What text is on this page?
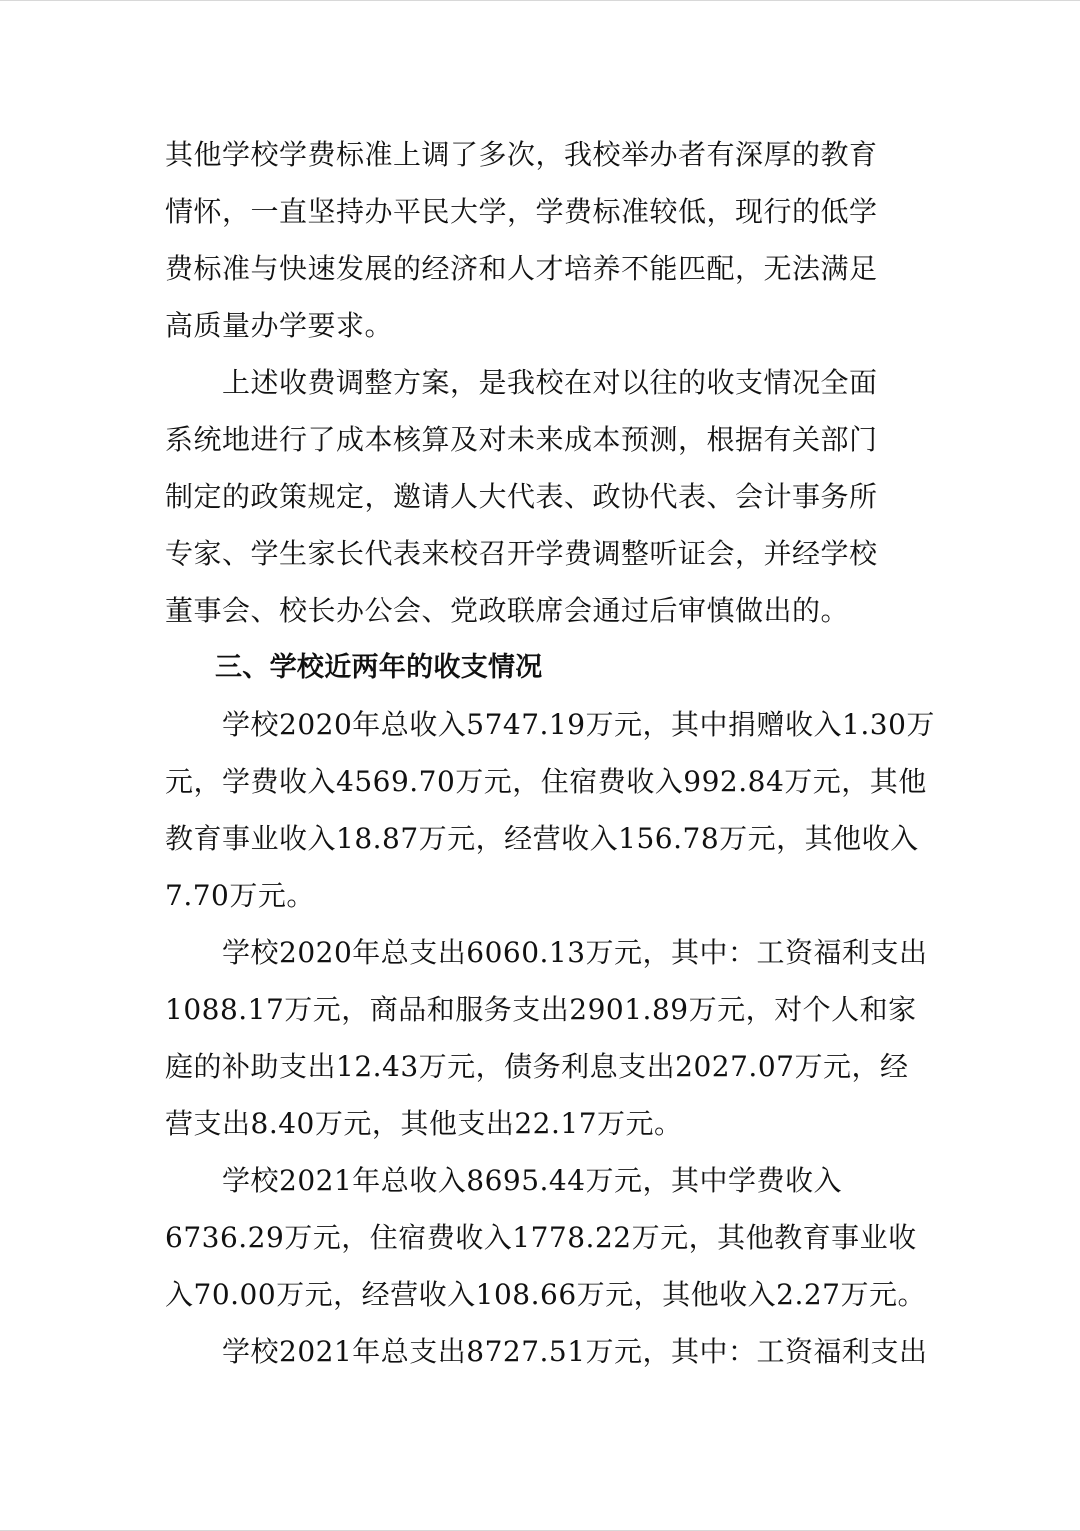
其他学校学费标准上调了多次，我校举办者有深厚的教育
情怀，一直坚持办平民大学，学费标准较低，现行的低学
费标准与快速发展的经济和人才培养不能匹配，无法满足
高质量办学要求。
上述收费调整方案，是我校在对以往的收支情况全面
系统地进行了成本核算及对未来成本预测，根据有关部门
制定的政策规定，邀请人大代表、政协代表、会计事务所
专家、学生家长代表来校召开学费调整听证会，并经学校
董事会、校长办公会、党政联席会通过后审慎做出的。
三、学校近两年的收支情况
学校2020年总收入5747.19万元，其中捐赠收入1.30万
元，学费收入4569.70万元，住宿费收入992.84万元，其他
教育事业收入18.87万元，经营收入156.78万元，其他收入
7.70万元。
学校2020年总支出6060.13万元，其中：工资福利支出
1088.17万元，商品和服务支出2901.89万元，对个人和家
庭的补助支出12.43万元，债务利息支出2027.07万元，经
营支出8.40万元，其他支出22.17万元。
学校2021年总收入8695.44万元，其中学费收入
6736.29万元，住宿费收入1778.22万元，其他教育事业收
入70.00万元，经营收入108.66万元，其他收入2.27万元。
学校2021年总支出8727.51万元，其中：工资福利支出
